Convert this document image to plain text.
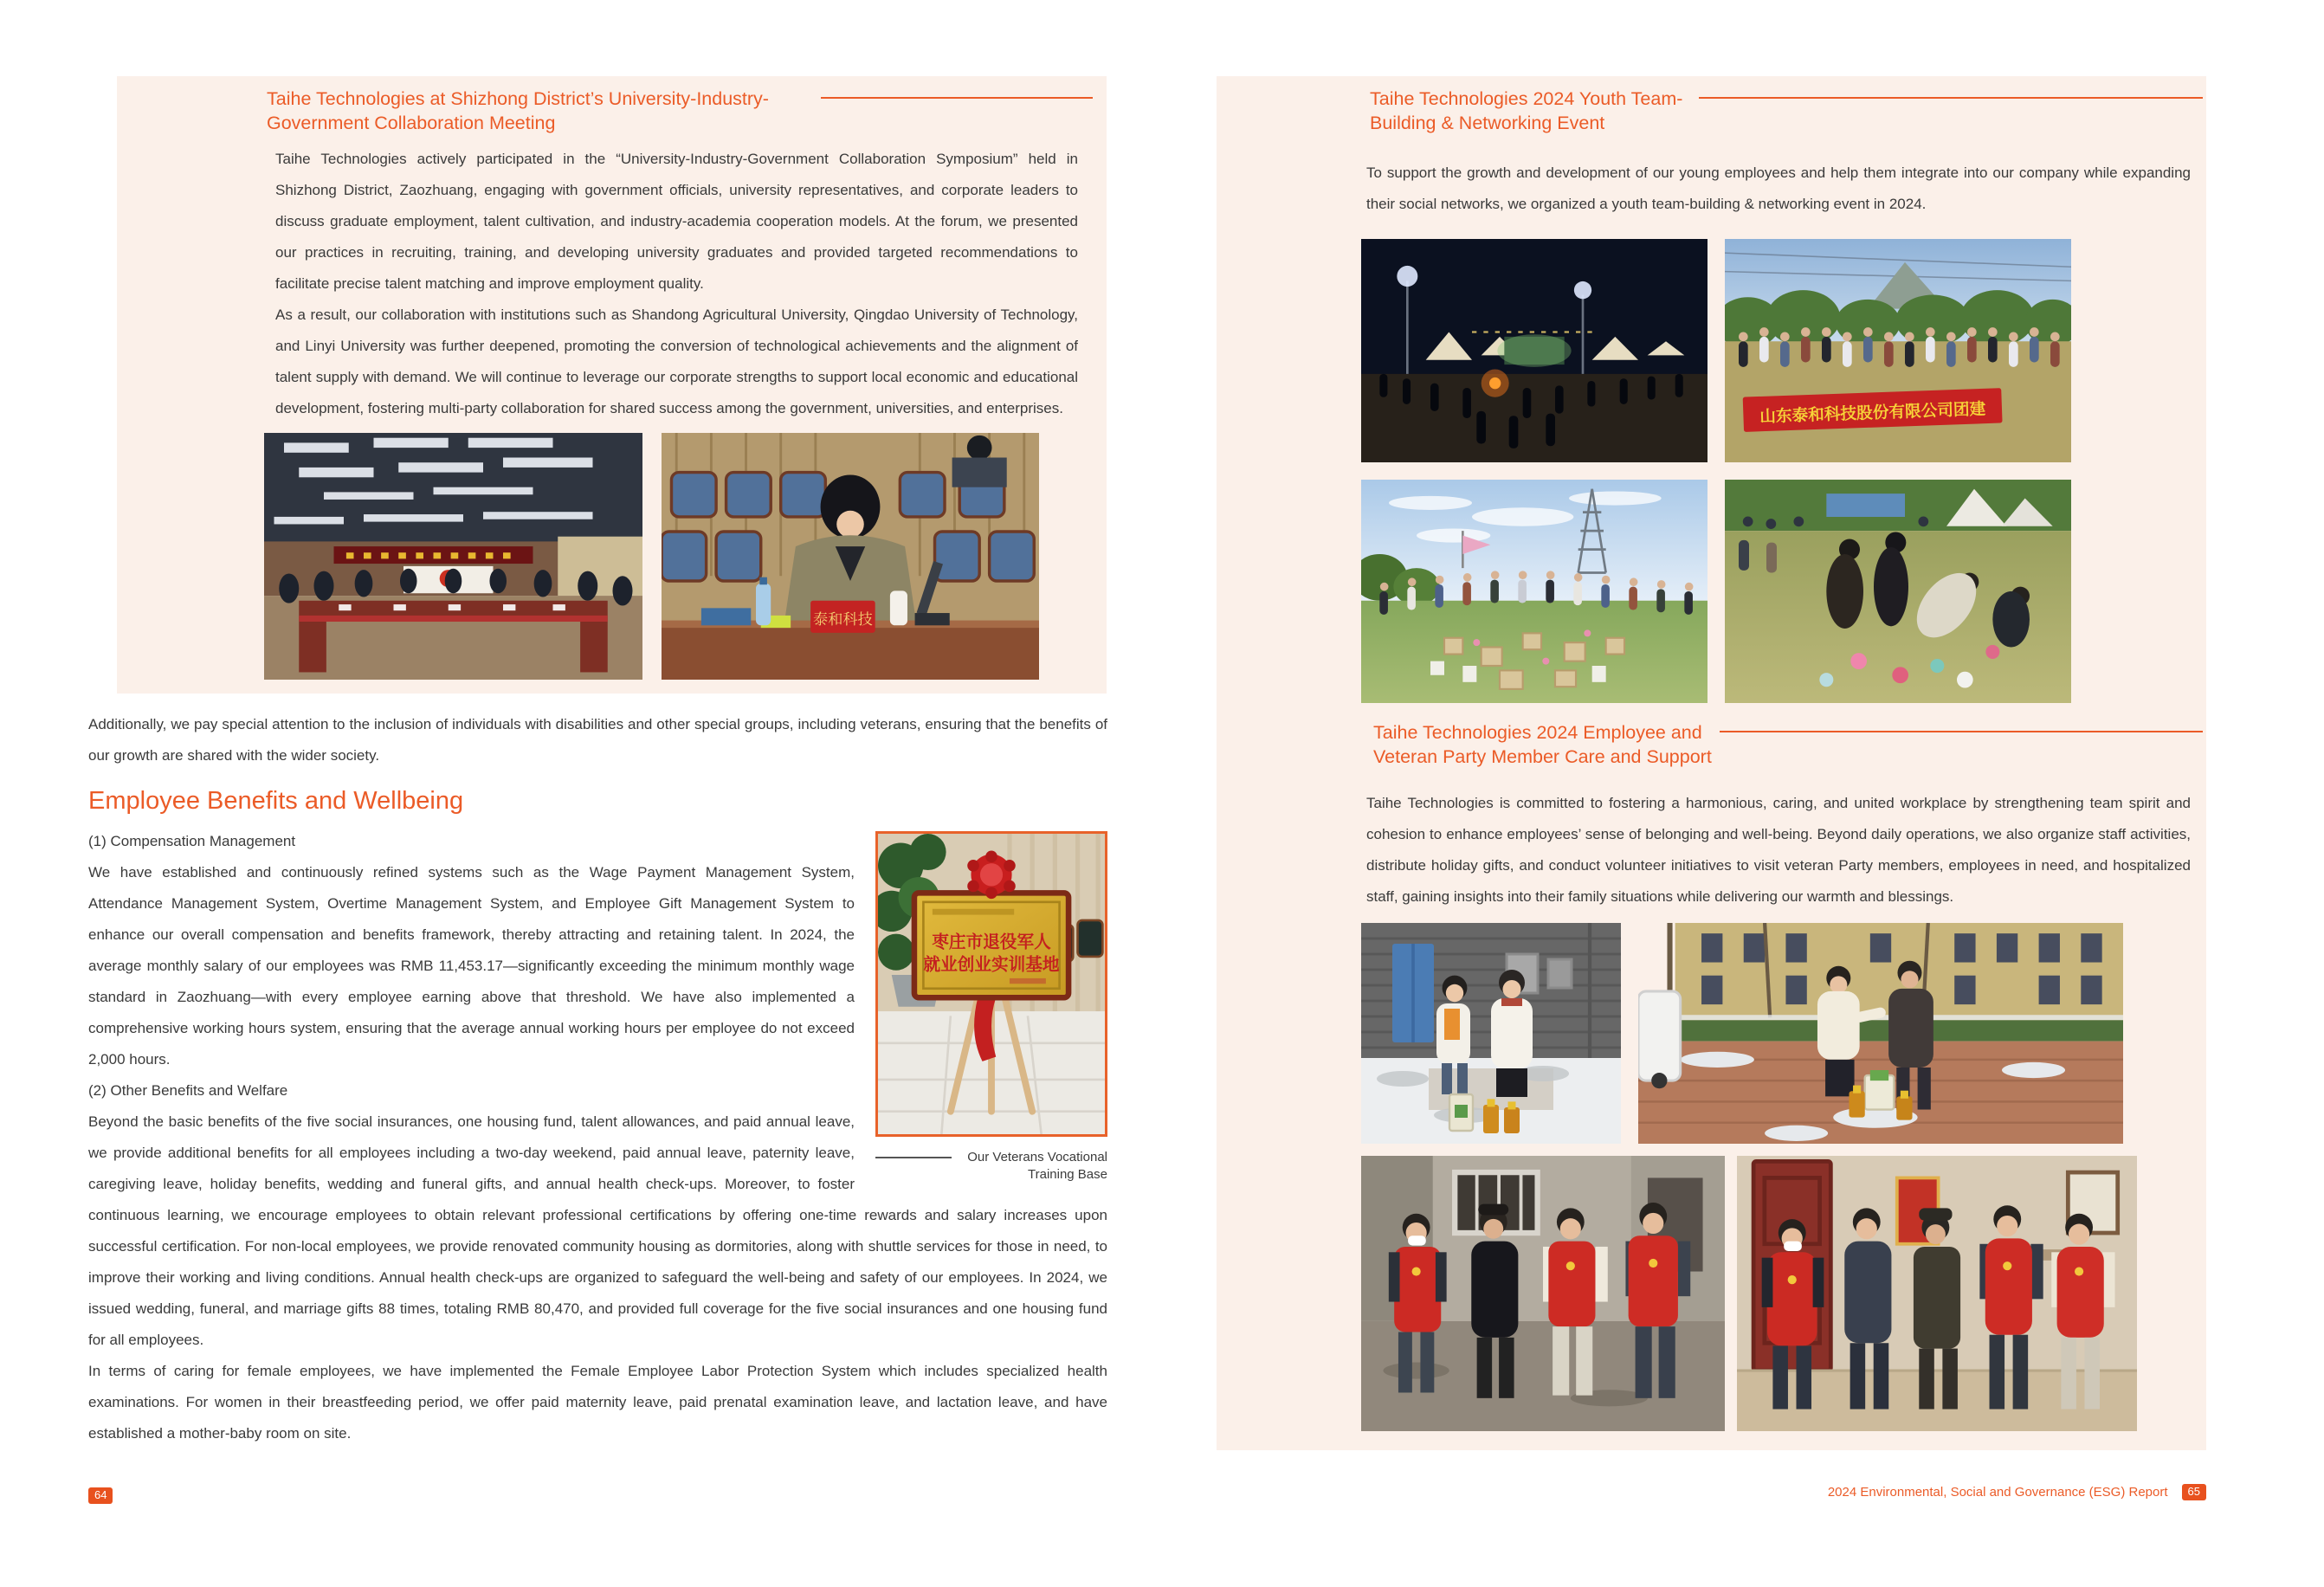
Taihe Technologies at Shizhong District’s University-Industry-
Government Collaboration Meeting

Taihe Technologies actively participated in the “University-Industry-Government Collaboration Symposium” held in Shizhong District, Zaozhuang, engaging with government officials, university representatives, and corporate leaders to discuss graduate employment, talent cultivation, and industry-academia cooperation models. At the forum, we presented our practices in recruiting, training, and developing university graduates and provided targeted recommendations to facilitate precise talent matching and improve employment quality.

As a result, our collaboration with institutions such as Shandong Agricultural University, Qingdao University of Technology, and Linyi University was further deepened, promoting the conversion of technological achievements and the alignment of talent supply with demand. We will continue to leverage our corporate strengths to support local economic and educational development, fostering multi-party collaboration for shared success among the government, universities, and enterprises.

泰和科技

Additionally, we pay special attention to the inclusion of individuals with disabilities and other special groups, including veterans, ensuring that the benefits of our growth are shared with the wider society.

Employee Benefits and Wellbeing
枣庄市退役军人
就业创业实训基地
Our Veterans Vocational Training Base

(1) Compensation Management

We have established and continuously refined systems such as the Wage Payment Management System, Attendance Management System, Overtime Management System, and Employee Gift Management System to enhance our overall compensation and benefits framework, thereby attracting and retaining talent. In 2024, the average monthly salary of our employees was RMB 11,453.17—significantly exceeding the minimum monthly wage standard in Zaozhuang—with every employee earning above that threshold. We have also implemented a comprehensive working hours system, ensuring that the average annual working hours per employee do not exceed 2,000 hours.

(2) Other Benefits and Welfare

Beyond the basic benefits of the five social insurances, one housing fund, talent allowances, and paid annual leave, we provide additional benefits for all employees including a two-day weekend, paid annual leave, paternity leave, caregiving leave, holiday benefits, wedding and funeral gifts, and annual health check-ups. Moreover, to foster continuous learning, we encourage employees to obtain relevant professional certifications by offering one-time rewards and salary increases upon successful certification. For non-local employees, we provide renovated community housing as dormitories, along with shuttle services for those in need, to improve their working and living conditions. Annual health check-ups are organized to safeguard the well-being and safety of our employees. In 2024, we issued wedding, funeral, and marriage gifts 88 times, totaling RMB 80,470, and provided full coverage for the five social insurances and one housing fund for all employees.

In terms of caring for female employees, we have implemented the Female Employee Labor Protection System which includes specialized health examinations. For women in their breastfeeding period, we offer paid maternity leave, paid prenatal examination leave, and lactation leave, and have established a mother-baby room on site.

64
Taihe Technologies 2024 Youth Team-
Building & Networking Event

To support the growth and development of our young employees and help them integrate into our company while expanding their social networks, we organized a youth team-building & networking event in 2024.

山东泰和科技股份有限公司团建
Taihe Technologies 2024 Employee and
Veteran Party Member Care and Support

Taihe Technologies is committed to fostering a harmonious, caring, and united workplace by strengthening team spirit and cohesion to enhance employees’ sense of belonging and well-being. Beyond daily operations, we also organize staff activities, distribute holiday gifts, and conduct volunteer initiatives to visit veteran Party members, employees in need, and hospitalized staff, gaining insights into their family situations while delivering our warmth and blessings.

2024 Environmental, Social and Governance (ESG) Report	65
